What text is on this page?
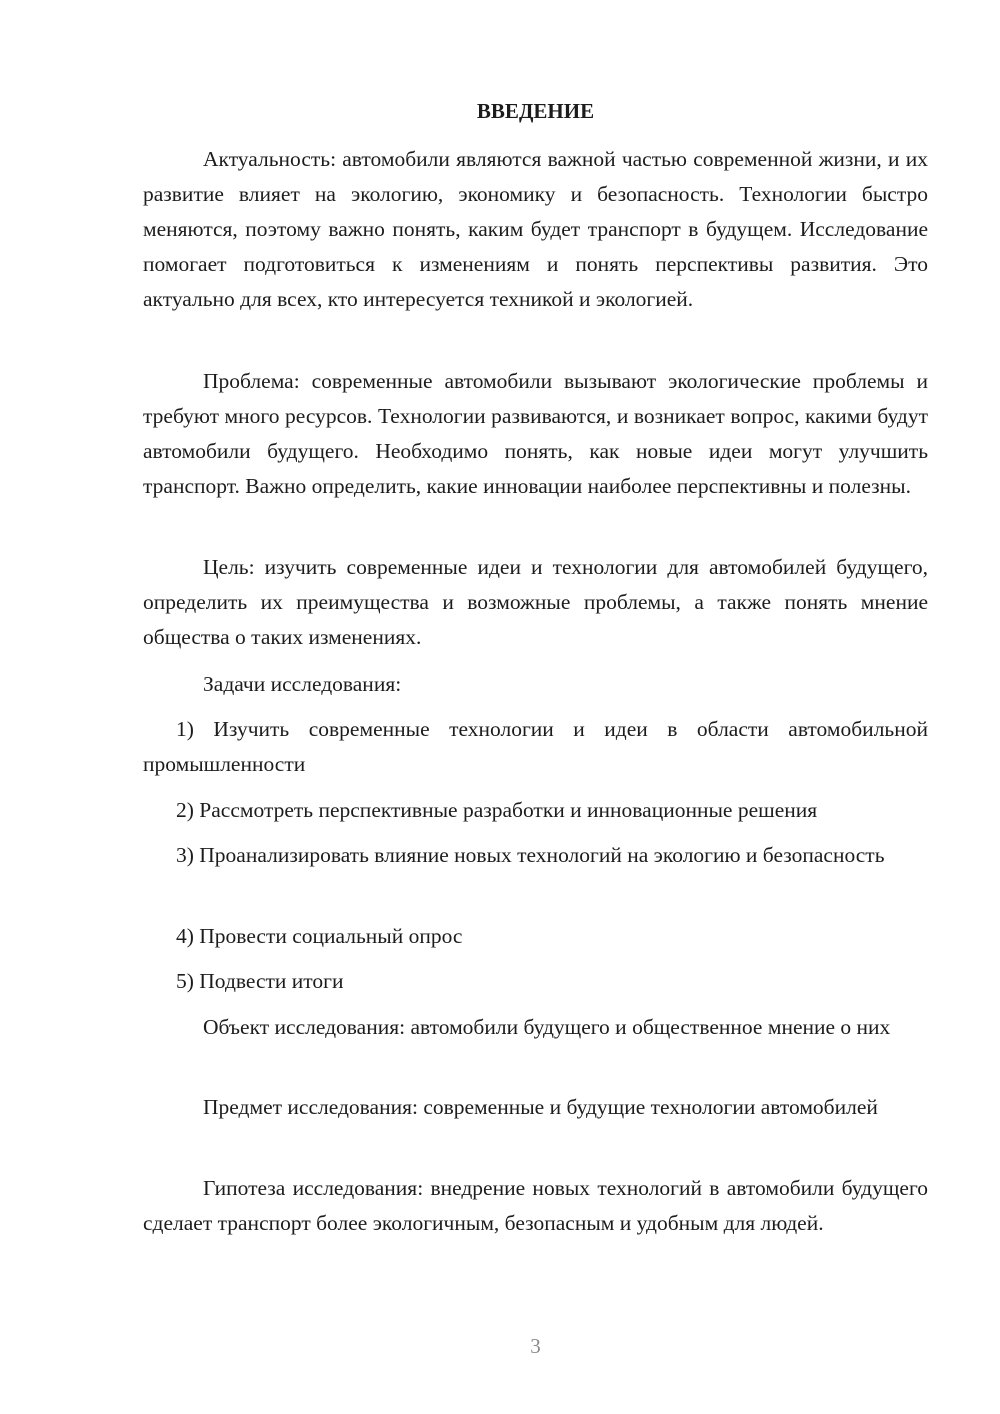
ВВЕДЕНИЕ

Актуальность: автомобили являются важной частью современной жизни, и их развитие влияет на экологию, экономику и безопасность. Технологии быстро меняются, поэтому важно понять, каким будет транспорт в будущем. Исследование помогает подготовиться к изменениям и понять перспективы развития. Это актуально для всех, кто интересуется техникой и экологией.

Проблема: современные автомобили вызывают экологические проблемы и требуют много ресурсов. Технологии развиваются, и возникает вопрос, какими будут автомобили будущего. Необходимо понять, как новые идеи могут улучшить транспорт. Важно определить, какие инновации наиболее перспективны и полезны.

Цель: изучить современные идеи и технологии для автомобилей будущего, определить их преимущества и возможные проблемы, а также понять мнение общества о таких изменениях.

Задачи исследования:

1) Изучить современные технологии и идеи в области автомобильной промышленности

2) Рассмотреть перспективные разработки и инновационные решения

3) Проанализировать влияние новых технологий на экологию и безопасность

4) Провести социальный опрос

5) Подвести итоги

Объект исследования: автомобили будущего и общественное мнение о них

Предмет исследования: современные и будущие технологии автомобилей

Гипотеза исследования: внедрение новых технологий в автомобили будущего сделает транспорт более экологичным, безопасным и удобным для людей.

3
